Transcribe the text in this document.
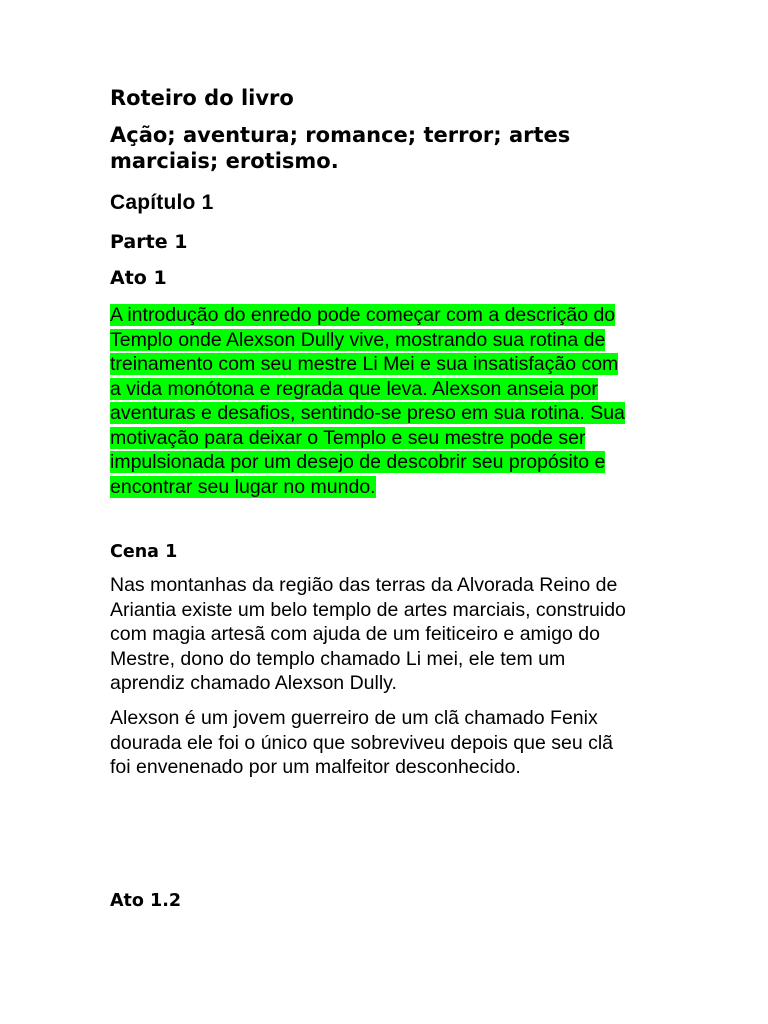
Roteiro do livro
Ação; aventura; romance; terror; artes
marciais; erotismo.
Capítulo 1
Parte 1
Ato 1
A introdução do enredo pode começar com a descrição do
Templo onde Alexson Dully vive, mostrando sua rotina de
treinamento com seu mestre Li Mei e sua insatisfação com
a vida monótona e regrada que leva. Alexson anseia por
aventuras e desafios, sentindo-se preso em sua rotina. Sua
motivação para deixar o Templo e seu mestre pode ser
impulsionada por um desejo de descobrir seu propósito e
encontrar seu lugar no mundo.
Cena 1
Nas montanhas da região das terras da Alvorada Reino de
Ariantia existe um belo templo de artes marciais, construido
com magia artesã com ajuda de um feiticeiro e amigo do
Mestre, dono do templo chamado Li mei, ele tem um
aprendiz chamado Alexson Dully.
Alexson é um jovem guerreiro de um clã chamado Fenix
dourada ele foi o único que sobreviveu depois que seu clã
foi envenenado por um malfeitor desconhecido.
Ato 1.2
